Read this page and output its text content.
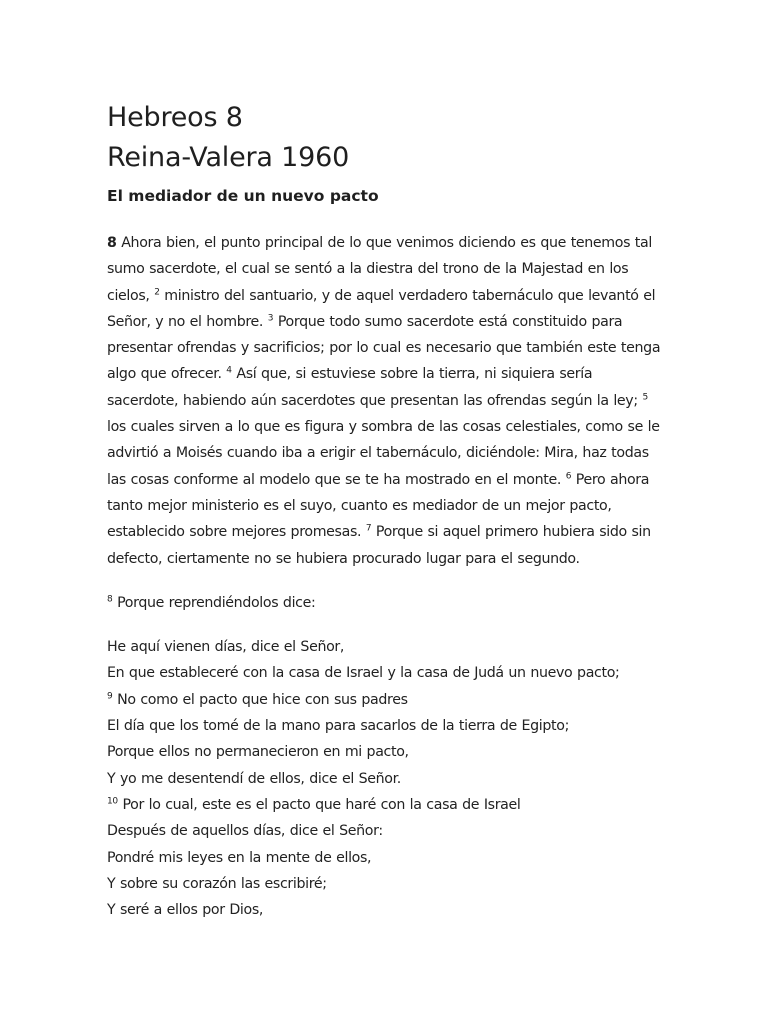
Hebreos 8
Reina-Valera 1960
El mediador de un nuevo pacto

8 Ahora bien, el punto principal de lo que venimos diciendo es que tenemos tal sumo sacerdote, el cual se sentó a la diestra del trono de la Majestad en los cielos, $^2$ ministro del santuario, y de aquel verdadero tabernáculo que levantó el Señor, y no el hombre. $^3$ Porque todo sumo sacerdote está constituido para presentar ofrendas y sacrificios; por lo cual es necesario que también este tenga algo que ofrecer. $^4$ Así que, si estuviese sobre la tierra, ni siquiera sería sacerdote, habiendo aún sacerdotes que presentan las ofrendas según la ley; $^5$ los cuales sirven a lo que es figura y sombra de las cosas celestiales, como se le advirtió a Moisés cuando iba a erigir el tabernáculo, diciéndole: Mira, haz todas las cosas conforme al modelo que se te ha mostrado en el monte. $^6$ Pero ahora tanto mejor ministerio es el suyo, cuanto es mediador de un mejor pacto, establecido sobre mejores promesas. $^7$ Porque si aquel primero hubiera sido sin defecto, ciertamente no se hubiera procurado lugar para el segundo.

$^8$ Porque reprendiéndolos dice:

He aquí vienen días, dice el Señor,
En que estableceré con la casa de Israel y la casa de Judá un nuevo pacto;
$^9$ No como el pacto que hice con sus padres
El día que los tomé de la mano para sacarlos de la tierra de Egipto;
Porque ellos no permanecieron en mi pacto,
Y yo me desentendí de ellos, dice el Señor.
$^{10}$ Por lo cual, este es el pacto que haré con la casa de Israel
Después de aquellos días, dice el Señor:
Pondré mis leyes en la mente de ellos,
Y sobre su corazón las escribiré;
Y seré a ellos por Dios,
